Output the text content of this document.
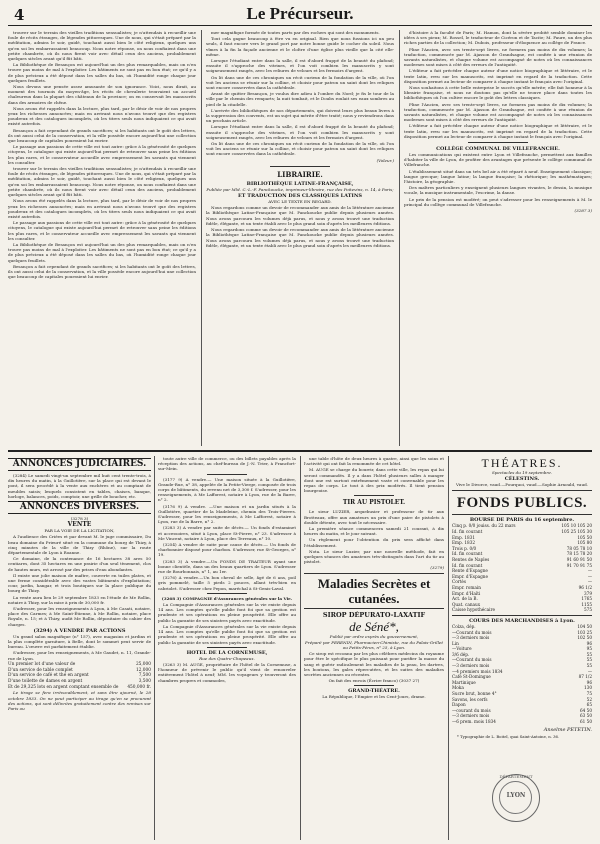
4	Le Précurseur.

trouver sur le terrain des vieilles traditions sensualistes; je n'attendais à recueillir une foule de récits étranges, de légendes pittoresques. Une de nous, qui s'était préparé par la méditation, admira le soir, guidé, touchant aussi bien le côté religieux, quelques uns qu'en soi les embarrassaient beaucoup. Nous notre réponse, on nous confiaient dans une petite chambrée, où ils nous firent voir avec détail ceux des anciens, probablement quelques siècles avant qu'il fût bâti.

La Bibliothèque de Besançon est aujourd'hui un des plus remarquables, mais on n'en trouve pas moins de mal à l'exploiter. Les bâtiments ne sont pas en bon état; ce qu'il y a de plus précieux a été déposé dans les salles du bas, où l'humidité ronge chaque jour quelques feuillets.

Nous devons une pensée assez amusante de son ignorance. Voici, nous dirait, au moment des tournois du moyen-âge, les récits de chevalerie trouvaient un accueil chaleureux dans la plupart des châteaux de la province; on en conservait les manuscrits dans des armoires de chêne.

Nous avons été rappelés dans la lecture, plus tard, par le désir de voir de nos propres yeux les richesses annoncées; mais en arrivant nous n'avons trouvé que des registres poudreux et des catalogues incomplets, où les titres seuls nous indiquaient ce qui avait existé autrefois.

Besançon a fait cependant de grands sacrifices; si les habitants ont le goût des lettres, ils ont aussi celui de la conservation, et la ville possède encore aujourd'hui une collection que beaucoup de capitales pourraient lui envier.

Le passage aux passions de cette ville est tout autre: grâce à la générosité de quelques citoyens, le catalogue qui existe aujourd'hui permet de retrouver sans peine les éditions les plus rares, et le conservateur accueille avec empressement les savants qui viennent les consulter.

trouver sur le terrain des vieilles traditions sensualistes; je n'attendais à recueillir une foule de récits étranges, de légendes pittoresques. Une de nous, qui s'était préparé par la méditation, admira le soir, guidé, touchant aussi bien le côté religieux, quelques uns qu'en soi les embarrassaient beaucoup. Nous notre réponse, on nous confiaient dans une petite chambrée, où ils nous firent voir avec détail ceux des anciens, probablement quelques siècles avant qu'il fût bâti.

Nous avons été rappelés dans la lecture, plus tard, par le désir de voir de nos propres yeux les richesses annoncées; mais en arrivant nous n'avons trouvé que des registres poudreux et des catalogues incomplets, où les titres seuls nous indiquaient ce qui avait existé autrefois.

Le passage aux passions de cette ville est tout autre: grâce à la générosité de quelques citoyens, le catalogue qui existe aujourd'hui permet de retrouver sans peine les éditions les plus rares, et le conservateur accueille avec empressement les savants qui viennent les consulter.

La Bibliothèque de Besançon est aujourd'hui un des plus remarquables, mais on n'en trouve pas moins de mal à l'exploiter. Les bâtiments ne sont pas en bon état; ce qu'il y a de plus précieux a été déposé dans les salles du bas, où l'humidité ronge chaque jour quelques feuillets.

Besançon a fait cependant de grands sacrifices; si les habitants ont le goût des lettres, ils ont aussi celui de la conservation, et la ville possède encore aujourd'hui une collection que beaucoup de capitales pourraient lui envier.

mer magnifique formée de toutes parts par des rochers qui sont des monuments.

Tout cela gagne beaucoup à être vu en original. Rien que nous fussions ici un peu seuls, il faut encore vers le grand port par notre bonne guide le cocher du soleil. Nous vîmes à la fin la façade ancienne et le cloître d'une église plus vieille que la cité elle-même.

Lorsque l'étudiant entre dans la salle, il est d'abord frappé de la beauté du plafond; ensuite il s'approche des vitrines, et l'on voit combien les manuscrits y sont soigneusement rangés, avec les reliures de velours et les fermoirs d'argent.

On lit dans une de ces chroniques un récit curieux de la fondation de la ville, où l'on voit les anciens se réunir sur la colline, et choisir pour patron un saint dont les reliques sont encore conservées dans la cathédrale.

Avant de quitter Besançon, je voulus dire adieu à l'ombre du Nord; je fis le tour de la ville par le chemin des remparts; la nuit tombait, et le Doubs roulait ses eaux sombres au pied de la citadelle.

L'arrivée des bibliothèques de nos départements, qui doivent leurs plus beaux livres à la suppression des couvents, est un sujet qui mérite d'être traité; nous y reviendrons dans un prochain article.

Lorsque l'étudiant entre dans la salle, il est d'abord frappé de la beauté du plafond; ensuite il s'approche des vitrines, et l'on voit combien les manuscrits y sont soigneusement rangés, avec les reliures de velours et les fermoirs d'argent.

On lit dans une de ces chroniques un récit curieux de la fondation de la ville, où l'on voit les anciens se réunir sur la colline, et choisir pour patron un saint dont les reliques sont encore conservées dans la cathédrale.

(Voleur.)

LIBRAIRIE.
BIBLIOTHÈQUE LATINE-FRANÇAISE,

Publiée par MM. C.-L.-F. Panckoucke, imprimeur-libraire, rue des Poitevins, n. 14, à Paris;

ET TRADUCTION DES CLASSIQUES LATINS

AVEC LE TEXTE EN REGARD.

Nous regardons comme un devoir de recommander aux amis de la littérature ancienne la Bibliothèque Latine-Française que M. Panckoucke publie depuis plusieurs années. Nous avons parcouru les volumes déjà parus, et nous y avons trouvé une traduction fidèle, élégante, et un texte établi avec le plus grand soin d'après les meilleures éditions.

Nous regardons comme un devoir de recommander aux amis de la littérature ancienne la Bibliothèque Latine-Française que M. Panckoucke publie depuis plusieurs années. Nous avons parcouru les volumes déjà parus, et nous y avons trouvé une traduction fidèle, élégante, et un texte établi avec le plus grand soin d'après les meilleures éditions.

d'histoire à la faculté de Paris; M. Hamon, dont la sévère probité semble dominer les idées à ses pieux; M. Rossel, le traducteur de Cicéron et de Tacite; M. Faure, un des plus riches parties de la collection; M. Dubois, professeur d'éloquence au collège de France.

Pline l'Ancien, avec ses trente-sept livres, ne formera pas moins de dix volumes; la traduction, commencée par M. Ajasson de Grandsagne, est confiée à une réunion de savants naturalistes, et chaque volume est accompagné de notes où les connaissances modernes sont mises à côté des erreurs de l'antiquité.

L'éditeur a fait précéder chaque auteur d'une notice biographique et littéraire, et le texte latin, revu sur les manuscrits, est imprimé en regard de la traduction. Cette disposition permet au lecteur de comparer à chaque instant le français avec l'original.

Nous souhaitons à cette belle entreprise le succès qu'elle mérite; elle fait honneur à la librairie française, et nous ne doutons pas qu'elle ne trouve place dans toutes les bibliothèques où l'on cultive encore le goût des lettres classiques.

Pline l'Ancien, avec ses trente-sept livres, ne formera pas moins de dix volumes; la traduction, commencée par M. Ajasson de Grandsagne, est confiée à une réunion de savants naturalistes, et chaque volume est accompagné de notes où les connaissances modernes sont mises à côté des erreurs de l'antiquité.

L'éditeur a fait précéder chaque auteur d'une notice biographique et littéraire, et le texte latin, revu sur les manuscrits, est imprimé en regard de la traduction. Cette disposition permet au lecteur de comparer à chaque instant le français avec l'original.

COLLÈGE COMMUNAL DE VILLEFRANCHE.

Les communications qui existent entre Lyon et Villefranche, permettent aux familles d'habiter la ville de Lyon, de profiter des avantages que présente le collège communal de Villefranche.

L'établissement situé dans un très bel air a été réparé à neuf. Enseignement classique; langue grecque; langue latine; la langue française; la rhétorique; les mathématiques; l'histoire, la géographie.

Des maîtres particuliers y enseignent plusieurs langues vivantes, le dessin, la musique vocale, la musique instrumentale, l'escrime, la danse.

Le prix de la pension est modéré; on peut s'adresser pour les renseignements à M. le principal du collège communal de Villefranche.

(3287 3)

ANNONCES JUDICIAIRES.

(3284) Le samedi vingt-un septembre mil huit cent trente-trois, à dix heures du matin, à la Guillotière, sur la place qui est devant le pont, il sera procédé à la vente aux enchères et au comptant de meubles saisis; lesquels consistent en tables, chaises, banque, horloge, balances, poids, comptoir, une grille de boucher, etc.

ANNONCES DIVERSES.

(3278 3)

VENTE

PAR LA VOIE DE LA LICITATION,

A l'audience des Criées et par devant M. le juge commissaire, Du beau domaine du Prieuré situé en la commune du bourg de Thizy, à cinq minutes de la ville de Thizy (Rhône), sur la route départementale de Lyon à Roanne.

Ce domaine, de la contenance de 16 hectares 38 ares 50 centiares, dont 35 hectares en une prairie d'un seul tènement, clos de hautes murs, est arrosé par des prises d'eau abondantes.

Il existe une jolie maison de maître, couverte en tuiles plates, et une ferme considérable avec des vastes bâtiments d'exploitation; cour, jardin, hangar, et trois boutiques sur la place publique du bourg de Thizy.

La vente aura lieu le 29 septembre 1833 en l'étude de Me Rollin, notaire à Thizy, sur la mise à prix de 30,000 fr.

S'adresser, pour les renseignements à Lyon, à Me Casati, notaire, place des Carmes; à Me Saint-Étienne, à Me Rollin, notaire, place Royale, n. 15; et à Thizy, audit Me Rollin, dépositaire du cahier des charges.

(3294) A VENDRE PAR ACTIONS

Un grand salon magnifique (n° 157), avec magasins et jardins et la plus complète garniture, à Belle, dont le sommet peut servir de bureau. L'œuvre est parfaitement établie.

S'adresser, pour les renseignements, à Me Gaudet, n. 11, Grande-rue de Lyon.

Un premier lot d'une valeur de	25,000
D'un service de table complet	12,000
D'un service de café et thé en argent	7,500
D'une toilette de dames en argent	3,500
Et de 29,325 lots en argent comptant ensemble de 450,000 fr.

Le tirage se fera irrévocablement, et sans être ajourné, le 28 octobre 1833. On ne peut participer au tirage qu'en se procurant des actions, qui sont délivrées gratuitement contre des remises sur Paris ou

toute autre ville de commerce, ou des billets payables après la réception des actions, au chef-bureau de J.-N. Trier, à Francfort-sur-Mein.

(3177 9) A vendre.— Une maison située à la Guillotière, Grande-Rue, n° 38, appelée de la Petite-Vierge, composée de trois corps de bâtiments, du revenu net de 3,300 f. S'adresser, pour les renseignements, à Me Lafforest, notaire à Lyon, rue de la Barre, n° 2.

(3176 9) A vendre. —Une maison et un jardin situés à la Guillotière, quartier de la Madeleine, chemin des Trois-Pierres. S'adresser, pour les renseignements, à Me Lafforest, notaire à Lyon, rue de la Barre, n° 2.

(3283 3) A vendre par suite de décès.— Un fonds d'estaminet et accessoires, situé à Lyon, place St-Pierre, n° 23. S'adresser à Me Vincent, notaire à Lyon, place des Terreaux, n° 10.

(3254) A vendre de suite pour cause de décès.— Un fonds de charbonnier disposé pour charbon. S'adresser, rue St-Georges, n° 19.

(3283 3) A vendre.—Un FONDS DE TRAITEUR ayant une bonne clientèle, dans un des beaux quartiers de Lyon. S'adresser rue de Bourbonnais, n° 1, au 1er.

(3276) A vendre.—Un bon cheval de selle, âgé de 6 ans, poil gris pommelé, taille 5 pieds 2 pouces, allant très-bien en cabriolet. S'adresser chez Pepon, maréchal à St-Genis-Laval.

(3268 3) COMPAGNIE d'Assurances générales sur la Vie.

La Compagnie d'Assurances générales sur la vie existe depuis 14 ans. Les comptes qu'elle publie font foi que sa gestion est prudente et ses opérations en pleine prospérité. Elle offre au public la garantie de ses sinistres payés avec exactitude.

La Compagnie d'Assurances générales sur la vie existe depuis 14 ans. Les comptes qu'elle publie font foi que sa gestion est prudente et ses opérations en pleine prospérité. Elle offre au public la garantie de ses sinistres payés avec exactitude.

HOTEL DE LA CORNEMUSE,

Rue des Quatre-Chapeaux.

(3263 3) M. AUGE, propriétaire de l'hôtel de la Cornemuse, a l'honneur de prévenir le public qu'il vient de renouveler entièrement l'hôtel à neuf; MM. les voyageurs y trouveront des chambres propres et commodes,

une table d'hôte de deux heures à quatre, ainsi que les soins et l'activité qui ont fait la renommée de cet hôtel.

M. AUGE se charge du bourrir, dans cette ville, les repas qui lui seront commandés. Il y a dans l'hôtel plusieurs salles à manger dont une est surtout extrêmement vaste et convenable pour les repas de corps. Le tout à des prix modérés. Il tient pension bourgeoise.

TIR AU PISTOLET.

Le sieur LUZIER, arquebusier et professeur de tir aux Brotteaux, offre aux amateurs un prix d'une paire de pistolets à double détente, avec tout le nécessaire.

La première séance commencera samedi 21 courant, à dix heures du matin, et le jour suivant.

Un règlement pour l'obtention du prix sera affiché dans l'établissement.

Nota. Le sieur Luzier, par une nouvelle méthode, fait en quelques séances des amateurs très-distingués dans l'art du tir au pistolet.

(3279)

Maladies Secrètes et cutanées.
SIROP DÉPURATO-LAXATIF
de Séné*,

Publié par ordre exprès du gouvernement,

Préparé par PERENIN, Pharmacien-Chimiste, rue du Palais-Grillet ou Petits-Pères, n° 25, à Lyon.

Ce sirop est reconnu par les plus célèbres médecins du royaume pour être le spécifique le plus puissant pour purifier la masse du sang et guérir radicalement les maladies de la peau, les dartres, les boutons, les gales répercutées, et les suites des maladies secrètes anciennes ou récentes.

On fait des envois (Écrire franco) (3037 27)

GRAND-THÉATRE.

La République, l'Empire et les Cent-Jours, drame.

THÉATRES.

Spectacles du 19 septembre.

CÉLESTINS.

Vive le Divorce, vaud.—Pourquoi, vaud.—Sophie Arnould, vaud.

FONDS PUBLICS.
BOURSE DE PARIS du 16 septembre.
Cinq p. 0/0 jouiss. du 22 mars	105 10 105 20
Id. fin courant	105 25 105 30
Emp. 1831	105 50
Emp. 1832	105 80
Trois p. 0/0	78 05 78 10
Id. fin courant	78 15 78 20
Rentes de Naples	91 60 91 50
Id. fin courant	91 70 91 75
Rente d'Espagne	—
Empr. d'Espagne	—
Cortès	—
Empr. romain	96 1/2
Empr. d'Haïti	379
Act. de la B.	1765
Quat. canaux	1155
Caisse hypothécaire	575
COURS DES MARCHANDISES à Lyon.
Colza, dép.	104 50
—Courant du mois	103 25
—3 derniers mois	102 50
Lin	96
—Voiture	95
3/6 dép.	55
—Courant du mois	55
—3 derniers mois	55
—4 premiers mois 1834	—
Café St-Domingue	87 1/2
Martinique	96
Moka	130
Sucre brut, bonne 4°	75
Savons, les cerfs	52
Dapon	65
—courant du mois	64 50
—3 derniers mois	63 50
—6 prem. mois 1834	61 50

Anselme PETETIN.

* Typographie de L. Boitel, quai Saint-Antoine, n. 36.

DÉPARTEMENT
LYON
